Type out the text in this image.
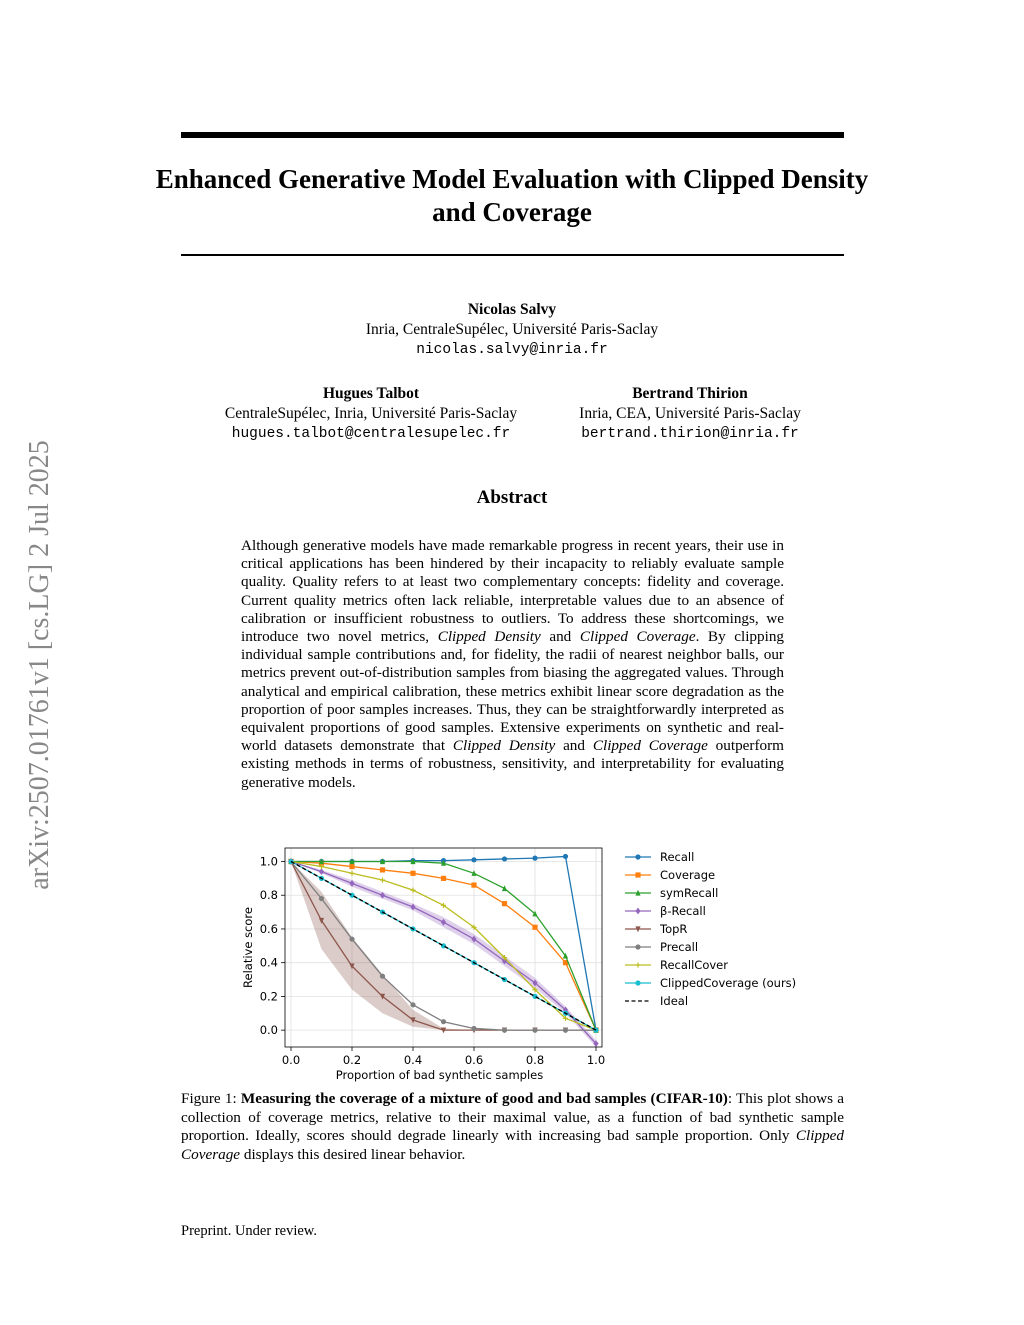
arXiv:2507.01761v1 [cs.LG] 2 Jul 2025
Enhanced Generative Model Evaluation with Clipped Density and Coverage
Nicolas Salvy
Inria, CentraleSupélec, Université Paris-Saclay
nicolas.salvy@inria.fr
Hugues Talbot
CentraleSupélec, Inria, Université Paris-Saclay
hugues.talbot@centralesupelec.fr
Bertrand Thirion
Inria, CEA, Université Paris-Saclay
bertrand.thirion@inria.fr
Abstract
Although generative models have made remarkable progress in recent years, their use in critical applications has been hindered by their incapacity to reliably evaluate sample quality. Quality refers to at least two complementary concepts: fidelity and coverage. Current quality metrics often lack reliable, interpretable values due to an absence of calibration or insufficient robustness to outliers. To address these shortcomings, we introduce two novel metrics, Clipped Density and Clipped Coverage. By clipping individual sample contributions and, for fidelity, the radii of nearest neighbor balls, our metrics prevent out-of-distribution samples from biasing the aggregated values. Through analytical and empirical calibration, these metrics exhibit linear score degradation as the proportion of poor samples increases. Thus, they can be straightforwardly interpreted as equivalent proportions of good samples. Extensive experiments on synthetic and real-world datasets demonstrate that Clipped Density and Clipped Coverage outperform existing methods in terms of robustness, sensitivity, and interpretability for evaluating generative models.
0.0	0.2	0.4	0.6	0.8	1.0
0.0
0.2
0.4
0.6
0.8
1.0
Proportion of bad synthetic samples
Relative score
Recall
Coverage
symRecall
β-Recall
TopR
Precall
RecallCover
ClippedCoverage (ours)
Ideal
Figure 1: Measuring the coverage of a mixture of good and bad samples (CIFAR-10): This plot shows a collection of coverage metrics, relative to their maximal value, as a function of bad synthetic sample proportion. Ideally, scores should degrade linearly with increasing bad sample proportion. Only Clipped Coverage displays this desired linear behavior.
Preprint. Under review.
